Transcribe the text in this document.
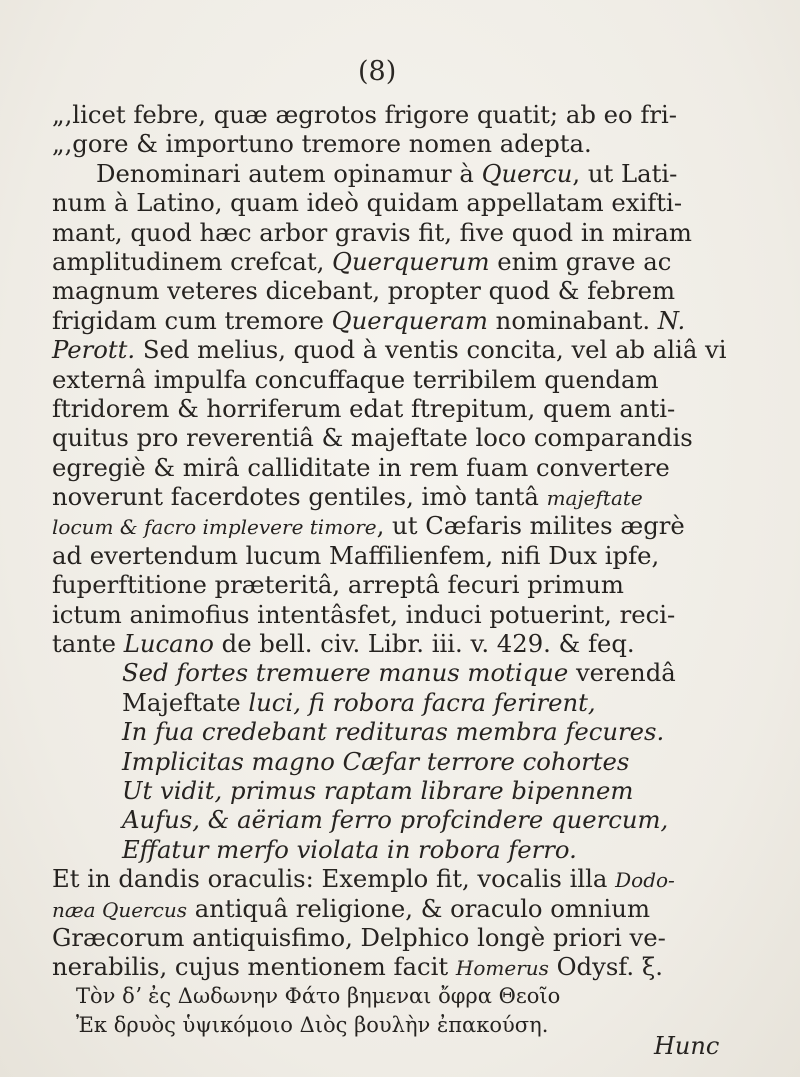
(8)
„,licet febre, quæ ægrotos frigore quatit; ab eo fri-
„,gore & importuno tremore nomen adepta.
Denominari autem opinamur à Quercu, ut Lati-
num à Latino, quam ideò quidam appellatam exifti-
mant, quod hæc arbor gravis fit, five quod in miram
amplitudinem crefcat, Querquerum enim grave ac
magnum veteres dicebant, propter quod & febrem
frigidam cum tremore Querqueram nominabant. N.
Perott. Sed melius, quod à ventis concita, vel ab aliâ vi
externâ impulfa concuffaque terribilem quendam
ftridorem & horriferum edat ftrepitum, quem anti-
quitus pro reverentiâ & majeftate loco comparandis
egregiè & mirâ calliditate in rem fuam convertere
noverunt facerdotes gentiles, imò tantâ majeftate
locum & facro implevere timore, ut Cæfaris milites ægrè
ad evertendum lucum Maffilienfem, nifi Dux ipfe,
fuperftitione præteritâ, arreptâ fecuri primum
ictum animofius intentâsfet, induci potuerint, reci-
tante Lucano de bell. civ. Libr. iii. v. 429. & feq.
Sed fortes tremuere manus motique verendâ
Majeftate luci, fi robora facra ferirent,
In fua credebant redituras membra fecures.
Implicitas magno Cæfar terrore cohortes
Ut vidit, primus raptam librare bipennem
Aufus, & aëriam ferro profcindere quercum,
Effatur merfo violata in robora ferro.
Et in dandis oraculis: Exemplo fit, vocalis illa Dodo-
næa Quercus antiquâ religione, & oraculo omnium
Græcorum antiquisfimo, Delphico longè priori ve-
nerabilis, cujus mentionem facit Homerus Odysf. ξ.
Τὸν δʼ ἐς Δωδωνην Φάτο βημεναι ὄφρα Θεοῖο
Ἐκ δρυὸς ὑψικόμοιο Διὸς βουλὴν ἐπακούση.
Hunc
